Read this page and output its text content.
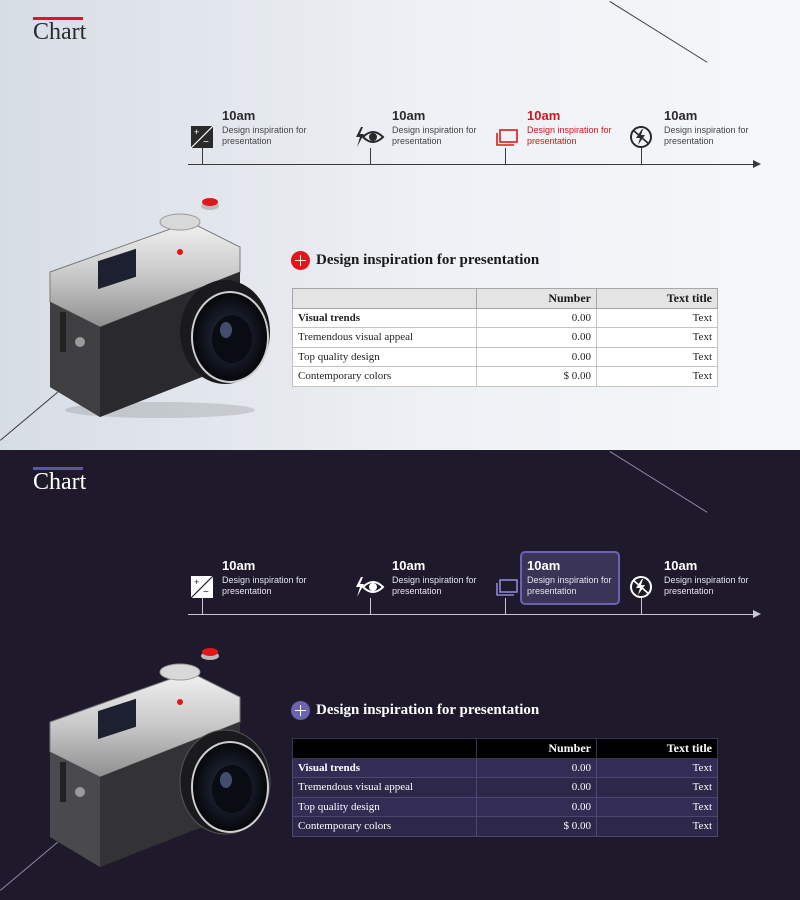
Chart
+
−
10am
Design inspiration for presentation
10am
Design inspiration for presentation
10am
Design inspiration for presentation
10am
Design inspiration for presentation
Design inspiration for presentation
	Number	Text title
Visual trends	0.00	Text
Tremendous visual appeal	0.00	Text
Top quality design	0.00	Text
Contemporary colors	$ 0.00	Text
Chart
+
−
10am
Design inspiration for presentation
10am
Design inspiration for presentation
10am
Design inspiration for presentation
10am
Design inspiration for presentation
Design inspiration for presentation
	Number	Text title
Visual trends	0.00	Text
Tremendous visual appeal	0.00	Text
Top quality design	0.00	Text
Contemporary colors	$ 0.00	Text
